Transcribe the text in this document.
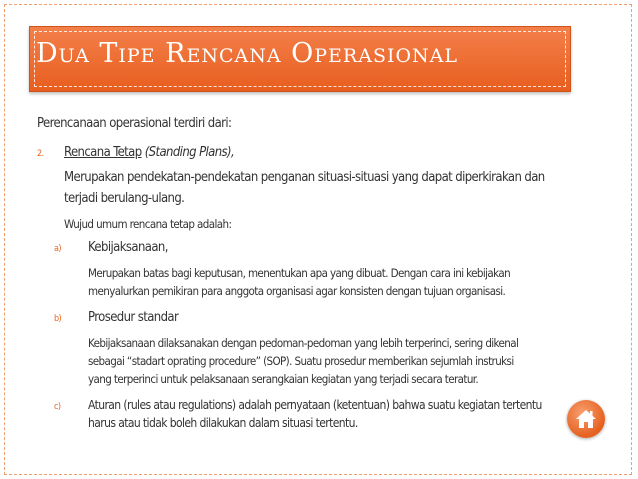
Dua Tipe Rencana Operasional
Perencanaan operasional terdiri dari:
2. Rencana Tetap (Standing Plans),
Merupakan pendekatan-pendekatan penganan situasi-situasi yang dapat diperkirakan dan
terjadi berulang-ulang.
Wujud umum rencana tetap adalah:
a) Kebijaksanaan,
Merupakan batas bagi keputusan, menentukan apa yang dibuat. Dengan cara ini kebijakan
menyalurkan pemikiran para anggota organisasi agar konsisten dengan tujuan organisasi.
b) Prosedur standar
Kebijaksanaan dilaksanakan dengan pedoman-pedoman yang lebih terperinci, sering dikenal
sebagai “stadart oprating procedure” (SOP). Suatu prosedur memberikan sejumlah instruksi
yang terperinci untuk pelaksanaan serangkaian kegiatan yang terjadi secara teratur.
c) Aturan (rules atau regulations) adalah pernyataan (ketentuan) bahwa suatu kegiatan tertentu
harus atau tidak boleh dilakukan dalam situasi tertentu.
